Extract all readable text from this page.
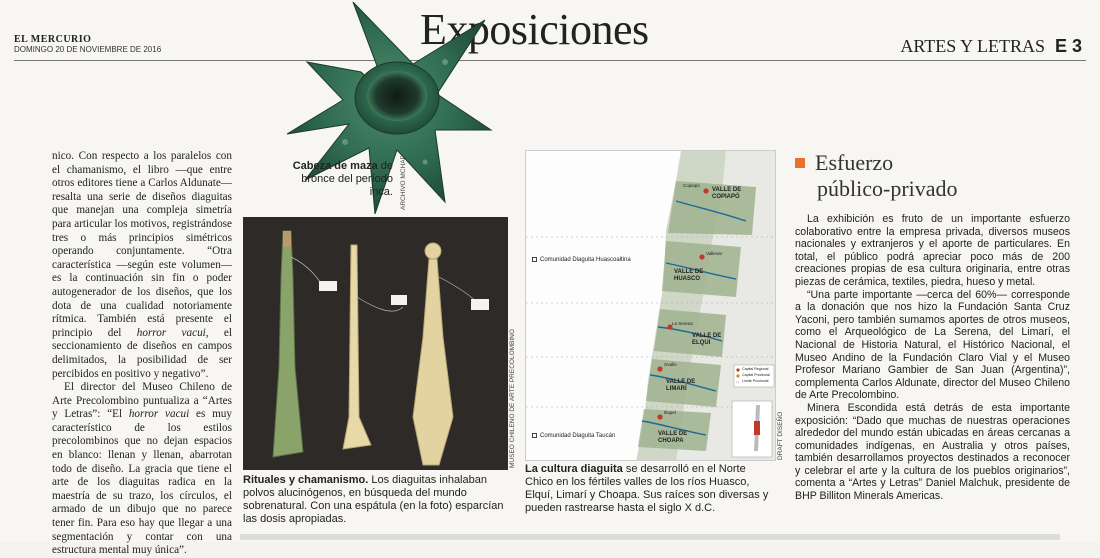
EL MERCURIO
DOMINGO 20 DE NOVIEMBRE DE 2016	Exposiciones	ARTES Y LETRAS E 3

nico. Con respecto a los paralelos con el chamanismo, el libro —que entre otros editores tiene a Carlos Aldunate— resalta una serie de diseños diaguitas que manejan una compleja simetría para articular los motivos, registrándose tres o más principios simétricos operando conjuntamente. “Otra característica —según este volumen— es la continuación sin fin o poder autogenerador de los diseños, que los dota de una cualidad notoriamente rítmica. También está presente el principio del horror vacui, el seccionamiento de diseños en campos delimitados, la posibilidad de ser percibidos en positivo y negativo”.

El director del Museo Chileno de Arte Precolombino puntualiza a “Artes y Letras”: “El horror vacui es muy característico de los estilos precolombinos que no dejan espacios en blanco: llenan y llenan, abarrotan todo de diseño. La gracia que tiene el arte de los diaguitas radica en la maestría de su trazo, los círculos, el armado de un dibujo que no parece tener fin. Para eso hay que llegar a una segmentación y contar con una estructura mental muy única”.

Cabeza de maza de bronce del período inca. ARCHIVO MCHAP
MUSEO CHILENO DE ARTE PRECOLOMBINO
Rituales y chamanismo. Los diaguitas inhalaban polvos alucinógenos, en búsqueda del mundo sobrenatural. Con una espátula (en la foto) esparcían las dosis apropiadas.
Comunidad Diaguita Huascoaltina
Comunidad Diaguita Taucán
VALLE DE COPIAPÓ
VALLE DE HUASCO
VALLE DE ELQUI
VALLE DE LIMARÍ
VALLE DE CHOAPA
Copiapó
Vallenar
La Serena
Ovalle
Illapel
Capital Regional
Capital Provincial
Límite Provincial
DRAFT DISEÑO
La cultura diaguita se desarrolló en el Norte Chico en los fértiles valles de los ríos Huasco, Elquí, Limarí y Choapa. Sus raíces son diversas y pueden rastrearse hasta el siglo X d.C.
Esfuerzo
público-privado

La exhibición es fruto de un importante esfuerzo colaborativo entre la empresa privada, diversos museos nacionales y extranjeros y el aporte de particulares. En total, el público podrá apreciar poco más de 200 creaciones propias de esa cultura originaria, entre otras piezas de cerámica, textiles, piedra, hueso y metal.

“Una parte importante —cerca del 60%— corresponde a la donación que nos hizo la Fundación Santa Cruz Yaconi, pero también sumamos aportes de otros museos, como el Arqueológico de La Serena, del Limarí, el Nacional de Historia Natural, el Histórico Nacional, el Museo Andino de la Fundación Claro Vial y el Museo Profesor Mariano Gambier de San Juan (Argentina)”, complementa Carlos Aldunate, director del Museo Chileno de Arte Precolombino.

Minera Escondida está detrás de esta importante exposición: “Dado que muchas de nuestras operaciones alrededor del mundo están ubicadas en áreas cercanas a comunidades indígenas, en Australia y otros países, también desarrollamos proyectos destinados a reconocer y celebrar el arte y la cultura de los pueblos originarios”, comenta a “Artes y Letras” Daniel Malchuk, presidente de BHP Billiton Minerals Americas.
